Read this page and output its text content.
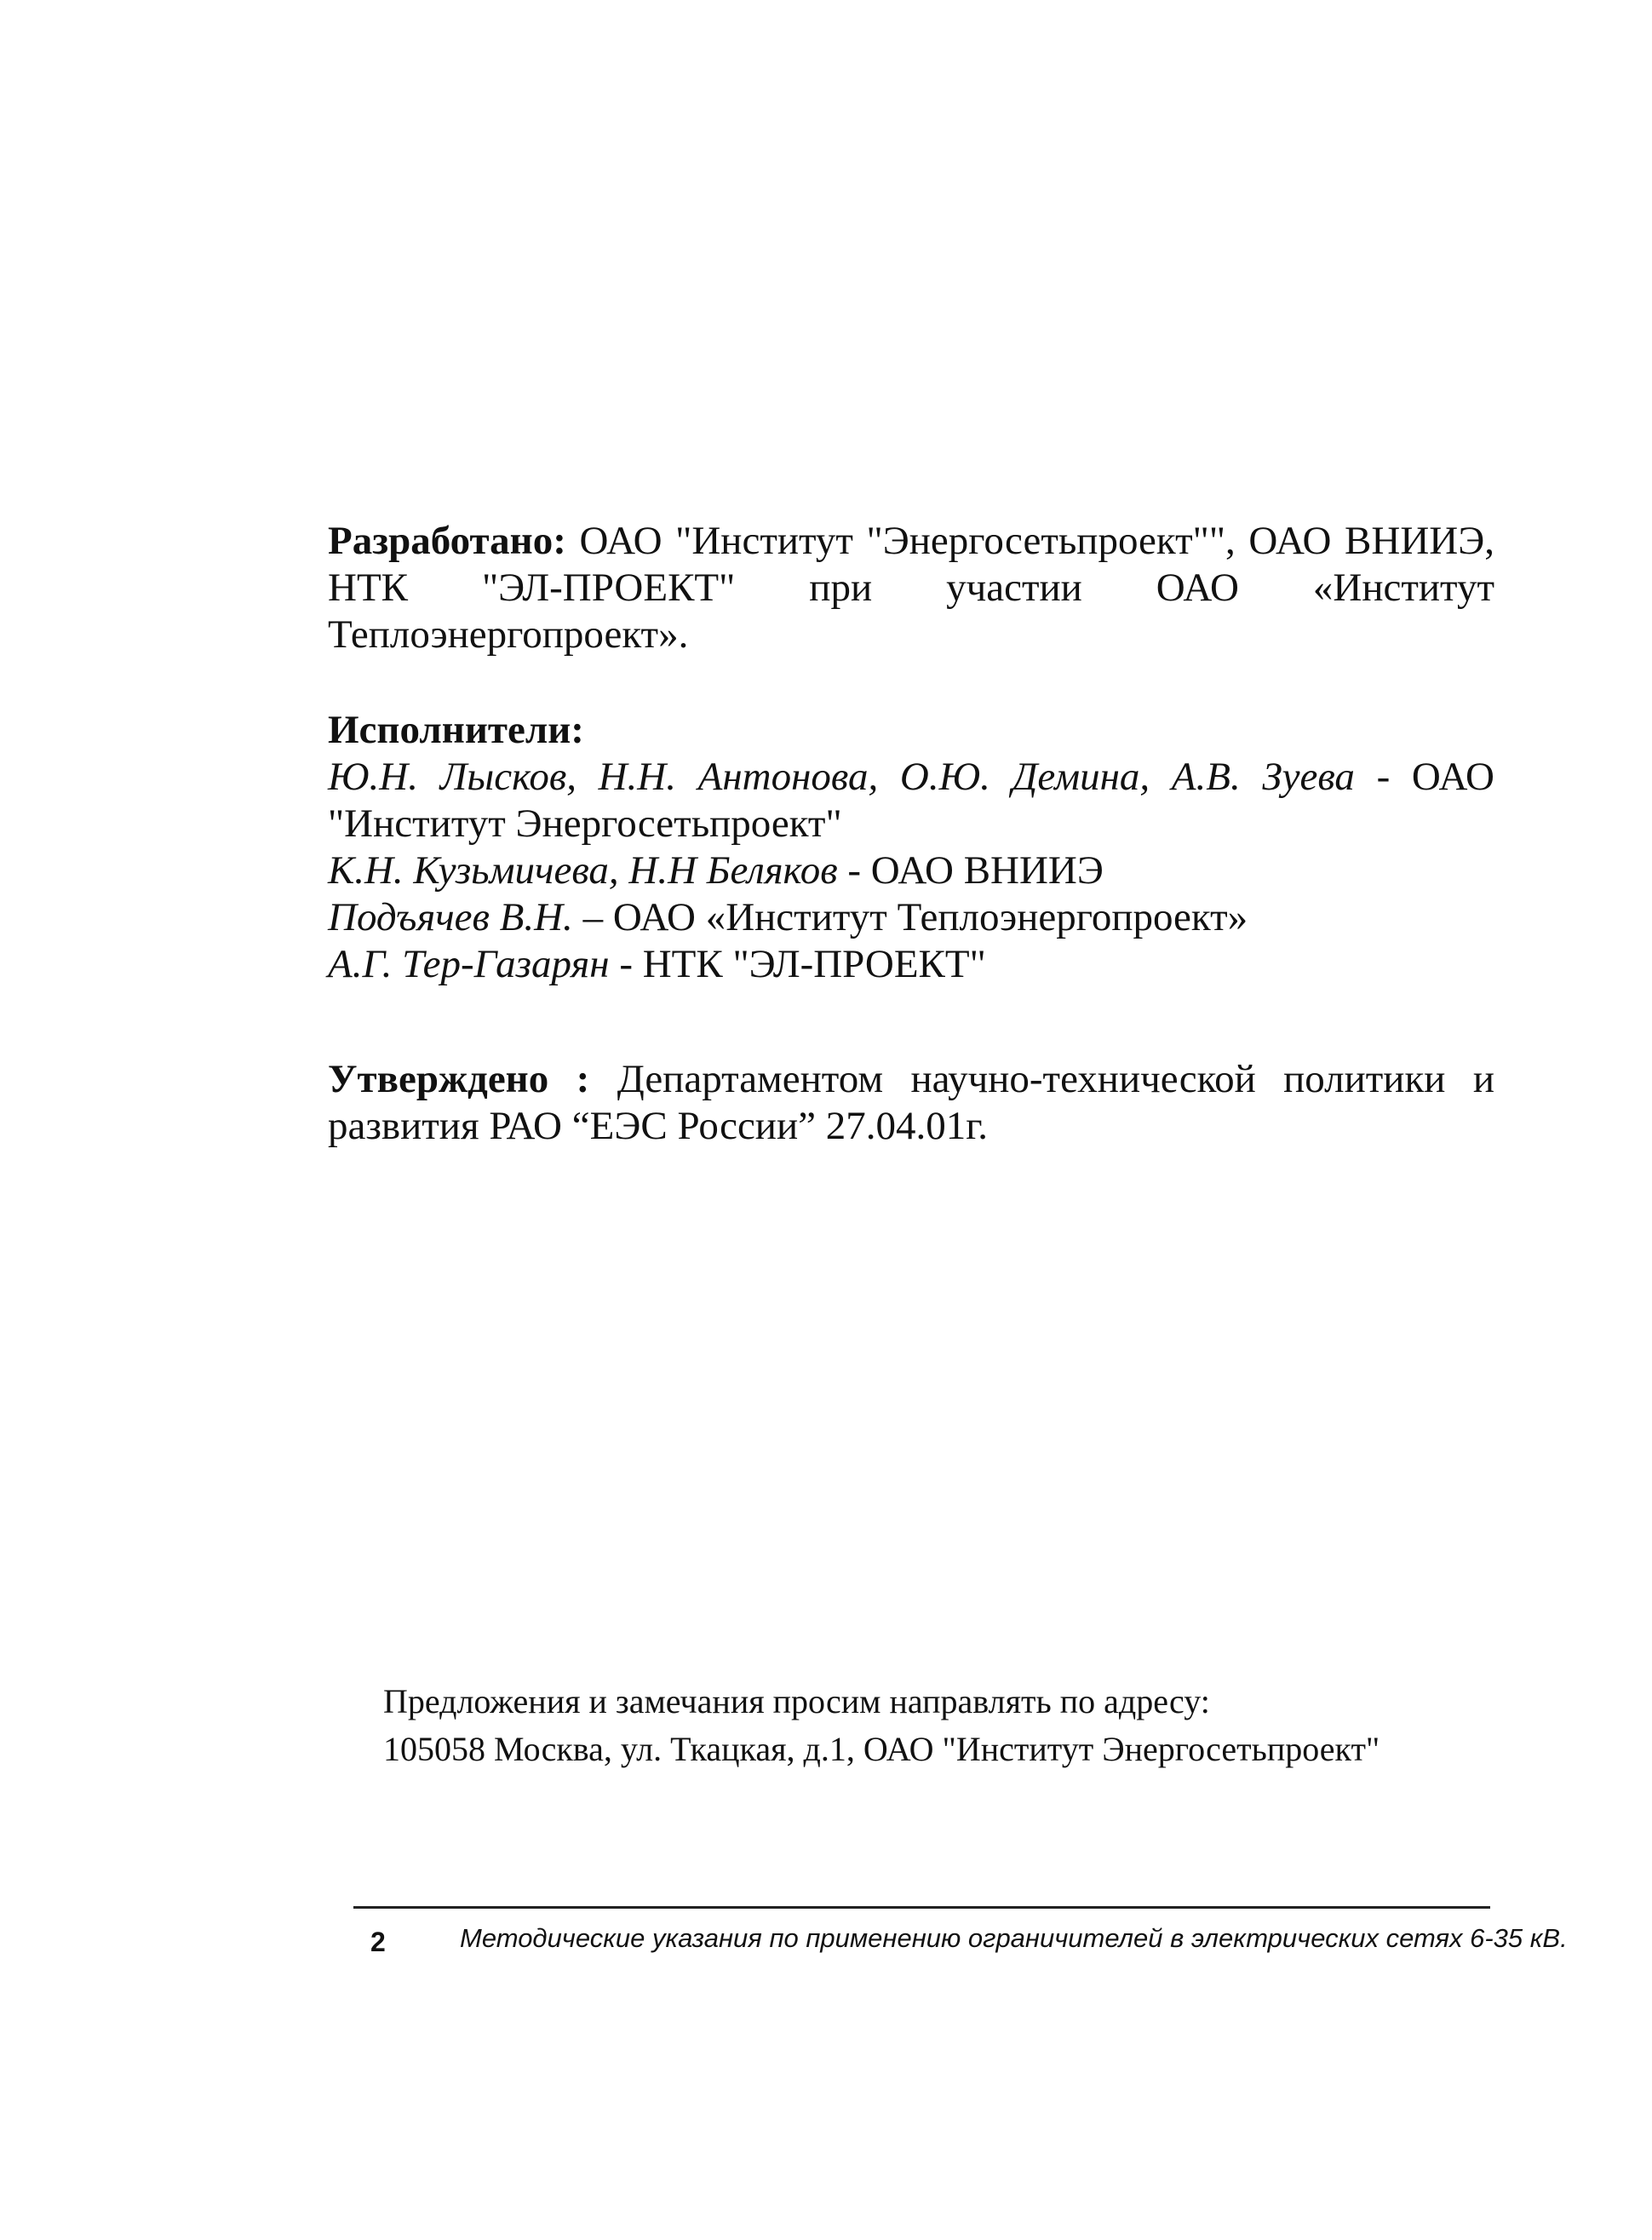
Разработано: ОАО "Институт "Энергосетьпроект"", ОАО ВНИИЭ, НТК "ЭЛ-ПРОЕКТ" при участии ОАО «Институт Теплоэнергопроект».

Исполнители:

Ю.Н. Лысков, Н.Н. Антонова, О.Ю. Демина, А.В. Зуева - ОАО "Институт Энергосетьпроект"

К.Н. Кузьмичева, Н.Н Беляков - ОАО ВНИИЭ

Подъячев В.Н. – ОАО «Институт Теплоэнергопроект»

А.Г. Тер-Газарян - НТК "ЭЛ-ПРОЕКТ"

Утверждено : Департаментом научно-технической политики и развития РАО “ЕЭС России” 27.04.01г.

Предложения и замечания просим направлять по адресу:

105058 Москва, ул. Ткацкая, д.1, ОАО "Институт Энергосетьпроект"

2	Методические указания по применению ограничителей в электрических сетях 6-35 кВ.
